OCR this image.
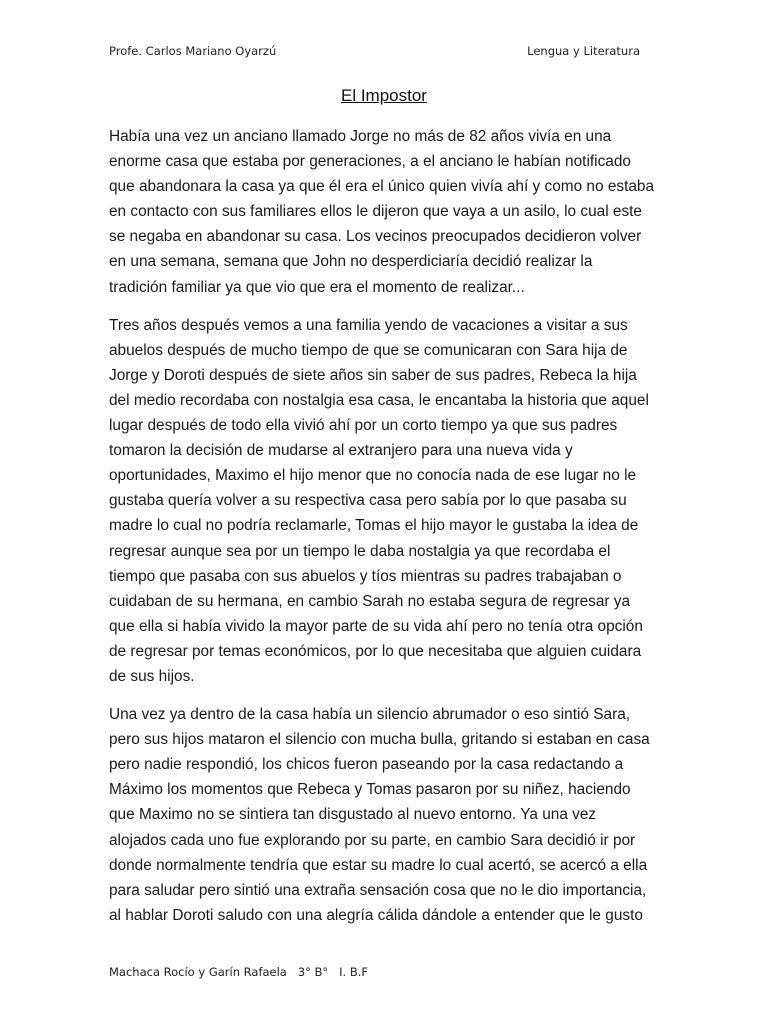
Profe. Carlos Mariano Oyarzú	Lengua y Literatura
El Impostor

Había una vez un anciano llamado Jorge no más de 82 años vivía en una
enorme casa que estaba por generaciones, a el anciano le habían notificado
que abandonara la casa ya que él era el único quien vivía ahí y como no estaba
en contacto con sus familiares ellos le dijeron que vaya a un asilo, lo cual este
se negaba en abandonar su casa. Los vecinos preocupados decidieron volver
en una semana, semana que John no desperdiciaría decidió realizar la
tradición familiar ya que vio que era el momento de realizar...

Tres años después vemos a una familia yendo de vacaciones a visitar a sus
abuelos después de mucho tiempo de que se comunicaran con Sara hija de
Jorge y Doroti después de siete años sin saber de sus padres, Rebeca la hija
del medio recordaba con nostalgia esa casa, le encantaba la historia que aquel
lugar después de todo ella vivió ahí por un corto tiempo ya que sus padres
tomaron la decisión de mudarse al extranjero para una nueva vida y
oportunidades, Maximo el hijo menor que no conocía nada de ese lugar no le
gustaba quería volver a su respectiva casa pero sabía por lo que pasaba su
madre lo cual no podría reclamarle, Tomas el hijo mayor le gustaba la idea de
regresar aunque sea por un tiempo le daba nostalgia ya que recordaba el
tiempo que pasaba con sus abuelos y tíos mientras su padres trabajaban o
cuidaban de su hermana, en cambio Sarah no estaba segura de regresar ya
que ella si había vivido la mayor parte de su vida ahí pero no tenía otra opción
de regresar por temas económicos, por lo que necesitaba que alguien cuidara
de sus hijos.

Una vez ya dentro de la casa había un silencio abrumador o eso sintió Sara,
pero sus hijos mataron el silencio con mucha bulla, gritando si estaban en casa
pero nadie respondió, los chicos fueron paseando por la casa redactando a
Máximo los momentos que Rebeca y Tomas pasaron por su niñez, haciendo
que Maximo no se sintiera tan disgustado al nuevo entorno. Ya una vez
alojados cada uno fue explorando por su parte, en cambio Sara decidió ir por
donde normalmente tendría que estar su madre lo cual acertó, se acercó a ella
para saludar pero sintió una extraña sensación cosa que no le dio importancia,
al hablar Doroti saludo con una alegría cálida dándole a entender que le gusto

Machaca Rocío y Garín Rafaela   3° B°   I. B.F
